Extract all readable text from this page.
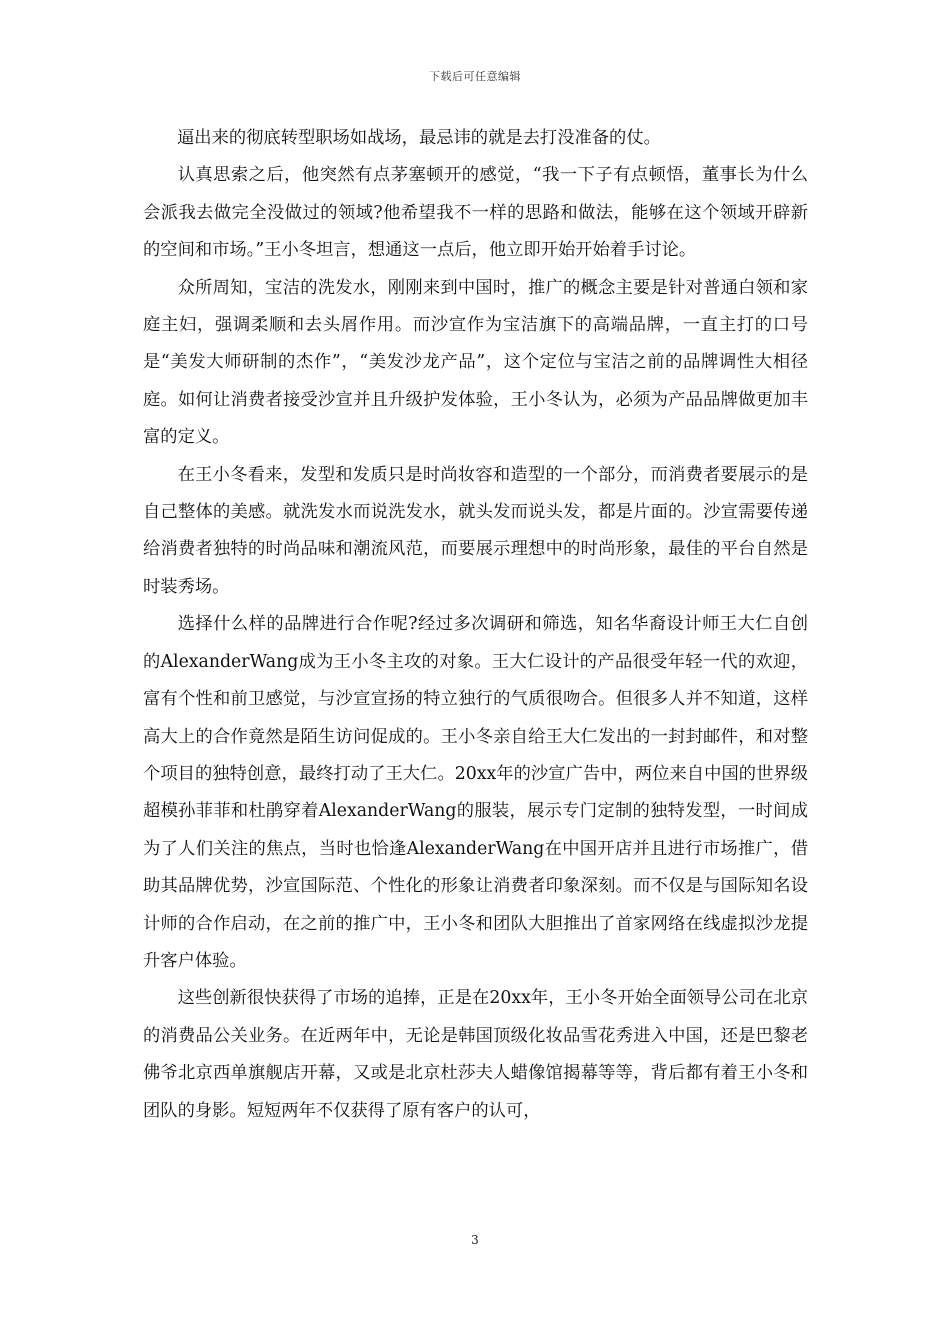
下载后可任意编辑

逼出来的彻底转型职场如战场，最忌讳的就是去打没准备的仗。

认真思索之后，他突然有点茅塞顿开的感觉，“我一下子有点顿悟，董事长为什么会派我去做完全没做过的领域?他希望我不一样的思路和做法，能够在这个领域开辟新的空间和市场。”王小冬坦言，想通这一点后，他立即开始开始着手讨论。

众所周知，宝洁的洗发水，刚刚来到中国时，推广的概念主要是针对普通白领和家庭主妇，强调柔顺和去头屑作用。而沙宣作为宝洁旗下的高端品牌，一直主打的口号是“美发大师研制的杰作”，“美发沙龙产品”，这个定位与宝洁之前的品牌调性大相径庭。如何让消费者接受沙宣并且升级护发体验，王小冬认为，必须为产品品牌做更加丰富的定义。

在王小冬看来，发型和发质只是时尚妆容和造型的一个部分，而消费者要展示的是自己整体的美感。就洗发水而说洗发水，就头发而说头发，都是片面的。沙宣需要传递给消费者独特的时尚品味和潮流风范，而要展示理想中的时尚形象，最佳的平台自然是时装秀场。

选择什么样的品牌进行合作呢?经过多次调研和筛选，知名华裔设计师王大仁自创的AlexanderWang成为王小冬主攻的对象。王大仁设计的产品很受年轻一代的欢迎，富有个性和前卫感觉，与沙宣宣扬的特立独行的气质很吻合。但很多人并不知道，这样高大上的合作竟然是陌生访问促成的。王小冬亲自给王大仁发出的一封封邮件，和对整个项目的独特创意，最终打动了王大仁。20xx年的沙宣广告中，两位来自中国的世界级超模孙菲菲和杜鹃穿着AlexanderWang的服装，展示专门定制的独特发型，一时间成为了人们关注的焦点，当时也恰逢AlexanderWang在中国开店并且进行市场推广，借助其品牌优势，沙宣国际范、个性化的形象让消费者印象深刻。而不仅是与国际知名设计师的合作启动，在之前的推广中，王小冬和团队大胆推出了首家网络在线虚拟沙龙提升客户体验。

这些创新很快获得了市场的追捧，正是在20xx年，王小冬开始全面领导公司在北京的消费品公关业务。在近两年中，无论是韩国顶级化妆品雪花秀进入中国，还是巴黎老佛爷北京西单旗舰店开幕，又或是北京杜莎夫人蜡像馆揭幕等等，背后都有着王小冬和团队的身影。短短两年不仅获得了原有客户的认可，

3
